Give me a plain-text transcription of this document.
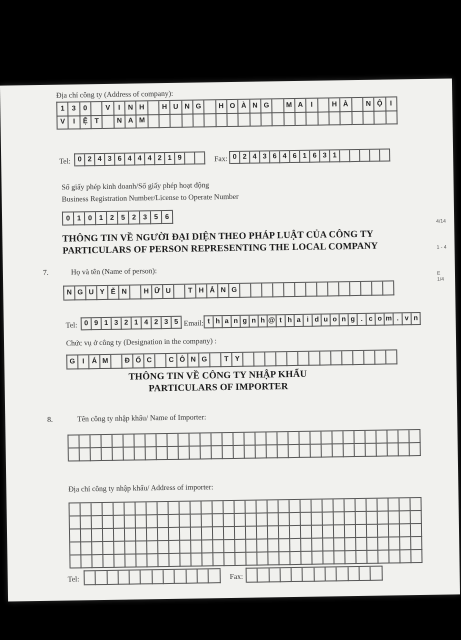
Địa chỉ công ty (Address of company):
1	3	0	V	I	N H	H U N G	H O À N G	M A	I	H À	N Ộ	I
V	I	Ệ T	N A M
Tel: 0 2 4 3 6 4 4 4 2 1 9	Fax: 0 2 4 3 6 4 6 1 6 3 1
Số giấy phép kinh doanh/Số giấy phép hoạt động
Business Registration Number/License to Operate Number
0 1 0 1 2 5 2 3 5 6
THÔNG TIN VỀ NGƯỜI ĐẠI DIỆN THEO PHÁP LUẬT CỦA CÔNG TY
PARTICULARS OF PERSON REPRESENTING THE LOCAL COMPANY
7.	Họ và tên (Name of person):
N G U Y Ễ N	H Ữ U	T H Ắ N G
Tel: 0 9 1 3 2 1 4 2 3 5 Email: t h a n g n h @ t h a i d u o n g . c o m . v n
Chức vụ ở công ty (Designation in the company) :
G	I	Á M	Đ Ố C	C Ô N G	T Y
THÔNG TIN VỀ CÔNG TY NHẬP KHẨU
PARTICULARS OF IMPORTER
8.	Tên công ty nhập khẩu/ Name of Importer:
Địa chỉ công ty nhập khẩu/ Address of importer:
Tel:	Fax:
4/14
1 - 4
E 1/4
